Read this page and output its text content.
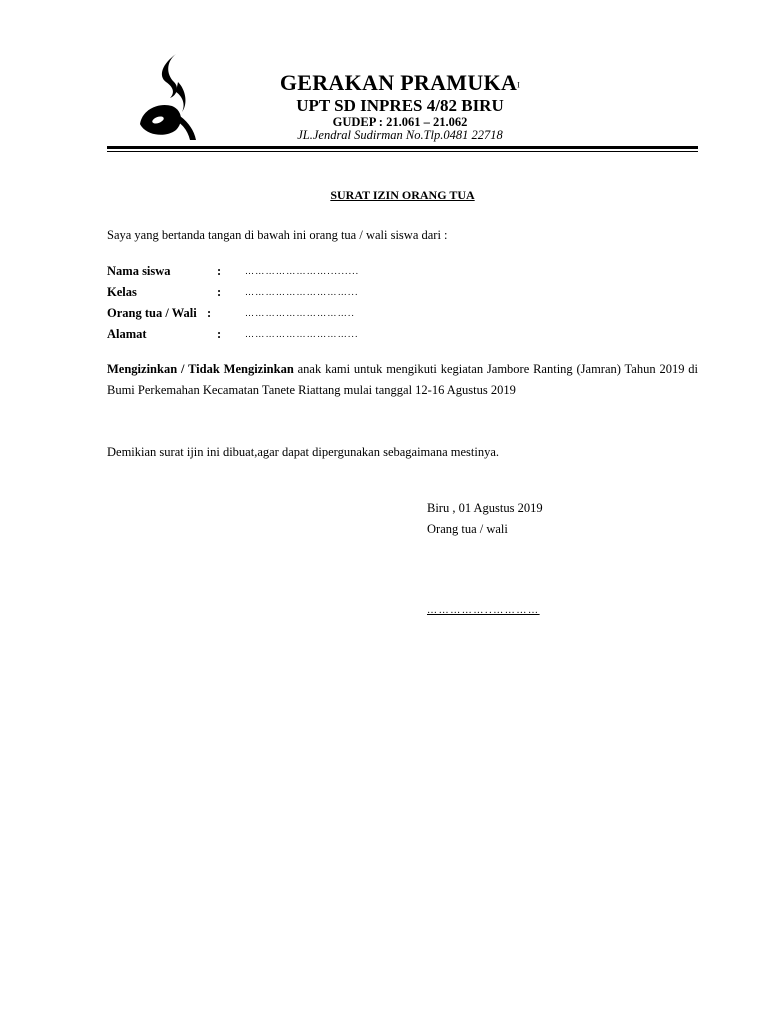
GERAKAN PRAMUKAI
UPT SD INPRES 4/82 BIRU
GUDEP : 21.061 – 21.062
JL.Jendral Sudirman No.Tlp.0481 22718
SURAT IZIN ORANG TUA
Saya yang bertanda tangan di bawah ini orang tua / wali siswa dari :
Nama siswa	:	…………………….........
Kelas	:	…………………………...
Orang tua / Wali :	…………………………..
Alamat	:	…………………………...
Mengizinkan / Tidak Mengizinkan anak kami untuk mengikuti kegiatan Jambore Ranting (Jamran) Tahun 2019 di Bumi Perkemahan Kecamatan Tanete Riattang mulai tanggal 12-16 Agustus 2019
Demikian surat ijin ini dibuat,agar dapat dipergunakan sebagaimana mestinya.
Biru , 01 Agustus 2019
Orang tua / wali
……………..…………
